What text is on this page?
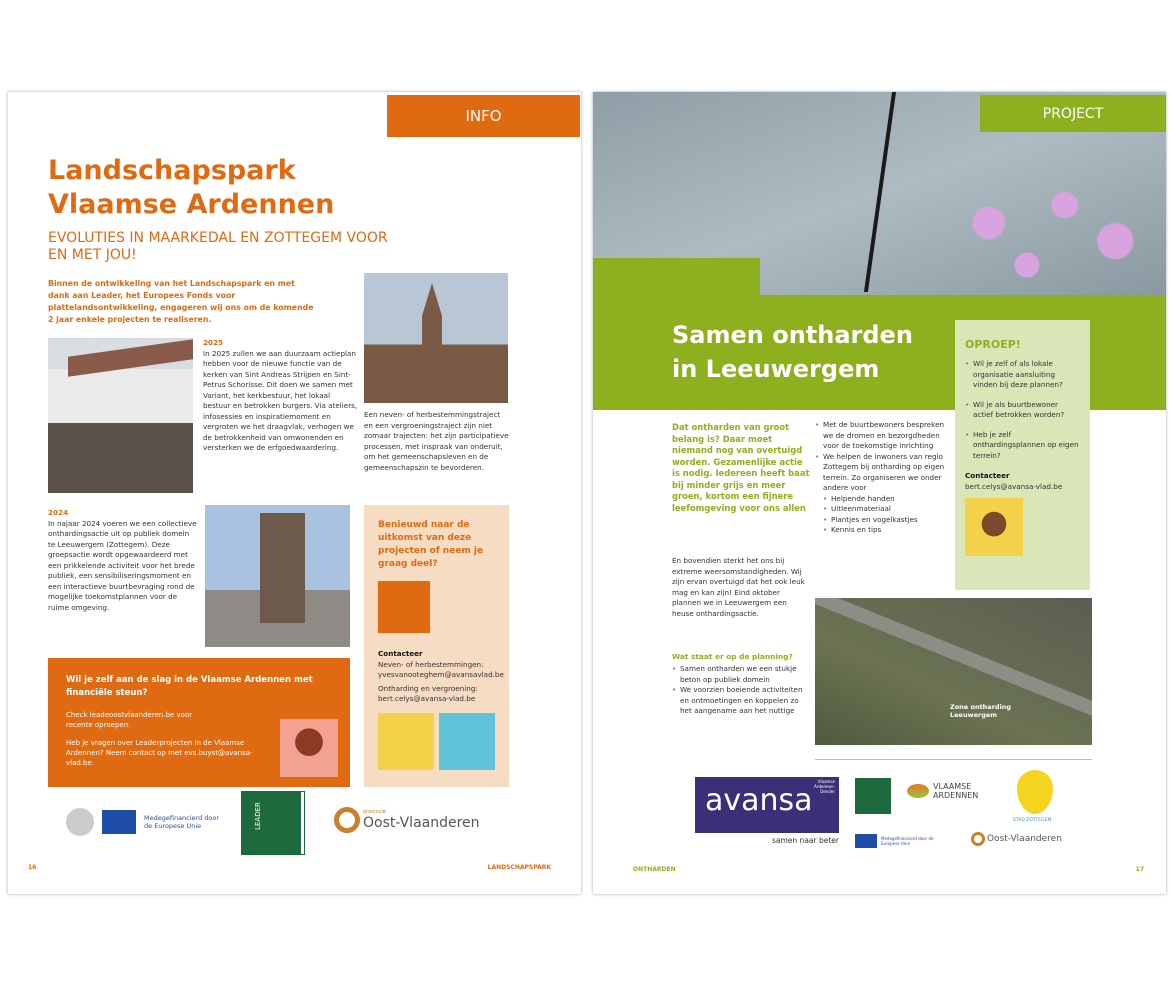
INFO
Landschapspark
Vlaamse Ardennen
EVOLUTIES IN MAARKEDAL EN ZOTTEGEM VOOR EN MET JOU!
Binnen de ontwikkeling van het Landschapspark en met dank aan Leader, het Europees Fonds voor plattelandsontwikkeling, engageren wij ons om de komende 2 jaar enkele projecten te realiseren.
2025
In 2025 zullen we aan duurzaam actieplan hebben voor de nieuwe functie van de kerken van Sint Andreas Strijpen en Sint-Petrus Schorisse. Dit doen we samen met Variant, het kerkbestuur, het lokaal bestuur en betrokken burgers. Via ateliers, infosessies en inspiratiemoment en vergroten we het draagvlak, verhogen we de betrokkenheid van omwonenden en versterken we de erfgoedwaardering.
Een neven- of herbestemmingstraject en een vergroeningstraject zijn niet zomaar trajecten: het zijn participatieve processen, met inspraak van onderuit, om het gemeenschapsleven en de gemeenschapszin te bevorderen.
2024
In najaar 2024 voeren we een collectieve onthardingsactie uit op publiek domein te Leeuwergem (Zottegem). Deze groepsactie wordt opgewaardeerd met een prikkelende activiteit voor het brede publiek, een sensibiliseringsmoment en een interactieve buurtbevraging rond de mogelijke toekomstplannen voor de ruime omgeving.
Wil je zelf aan de slag in de Vlaamse Ardennen met financiële steun?
Check leadeoostvlaanderen.be voor recente oproepen.
Heb je vragen over Leaderprojecten in de Vlaamse Ardennen? Neem contact op met evs.buyst@avansa-vlad.be.
Benieuwd naar de uitkomst van deze projecten of neem je graag deel?
Contacteer
Neven- of herbestemmingen:
yvesvanooteghem@avansavlad.be
Ontharding en vergroening:
bert.celys@avansa-vlad.be
Medegefinancierd door de Europese Unie	LEADER	provincie
Oost-Vlaanderen
16	LANDSCHAPSPARK
PROJECT
Samen ontharden
in Leeuwergem
OPROEP!
• Wil je zelf of als lokale organisatie aansluiting vinden bij deze plannen?
• Wil je als buurtbewoner actief betrokken worden?
• Heb je zelf onthardingsplannen op eigen terrein?
Contacteer
bert.celys@avansa-vlad.be
Dat ontharden van groot belang is? Daar moet niemand nog van overtuigd worden. Gezamenlijke actie is nodig. Iedereen heeft baat bij minder grijs en meer groen, kortom een fijnere leefomgeving voor ons allen
En bovendien sterkt het ons bij extreme weersomstandigheden. Wij zijn ervan overtuigd dat het ook leuk mag en kan zijn! Eind oktober plannen we in Leeuwergem een heuse onthardingsactie.
Wat staat er op de planning?
• Samen ontharden we een stukje beton op publiek domein
• We voorzien boeiende activiteiten en ontmoetingen en koppelen zo het aangename aan het nuttige
• Met de buurtbewoners bespreken we de dromen en bezorgdheden voor de toekomstige inrichting
• We helpen de inwoners van regio Zottegem bij ontharding op eigen terrein. Zo organiseren we onder andere voor
• Helpende handen
• Uitleenmateriaal
• Plantjes en vogelkastjes
• Kennis en tips
Zone ontharding Leeuwergem
avansa
Vlaamse Ardennen-Dender
samen naar beter
VLAAMSE ARDENNEN
STAD ZOTTEGEM
Medegefinancierd door de Europese Unie	Oost-Vlaanderen
ONTHARDEN	17
